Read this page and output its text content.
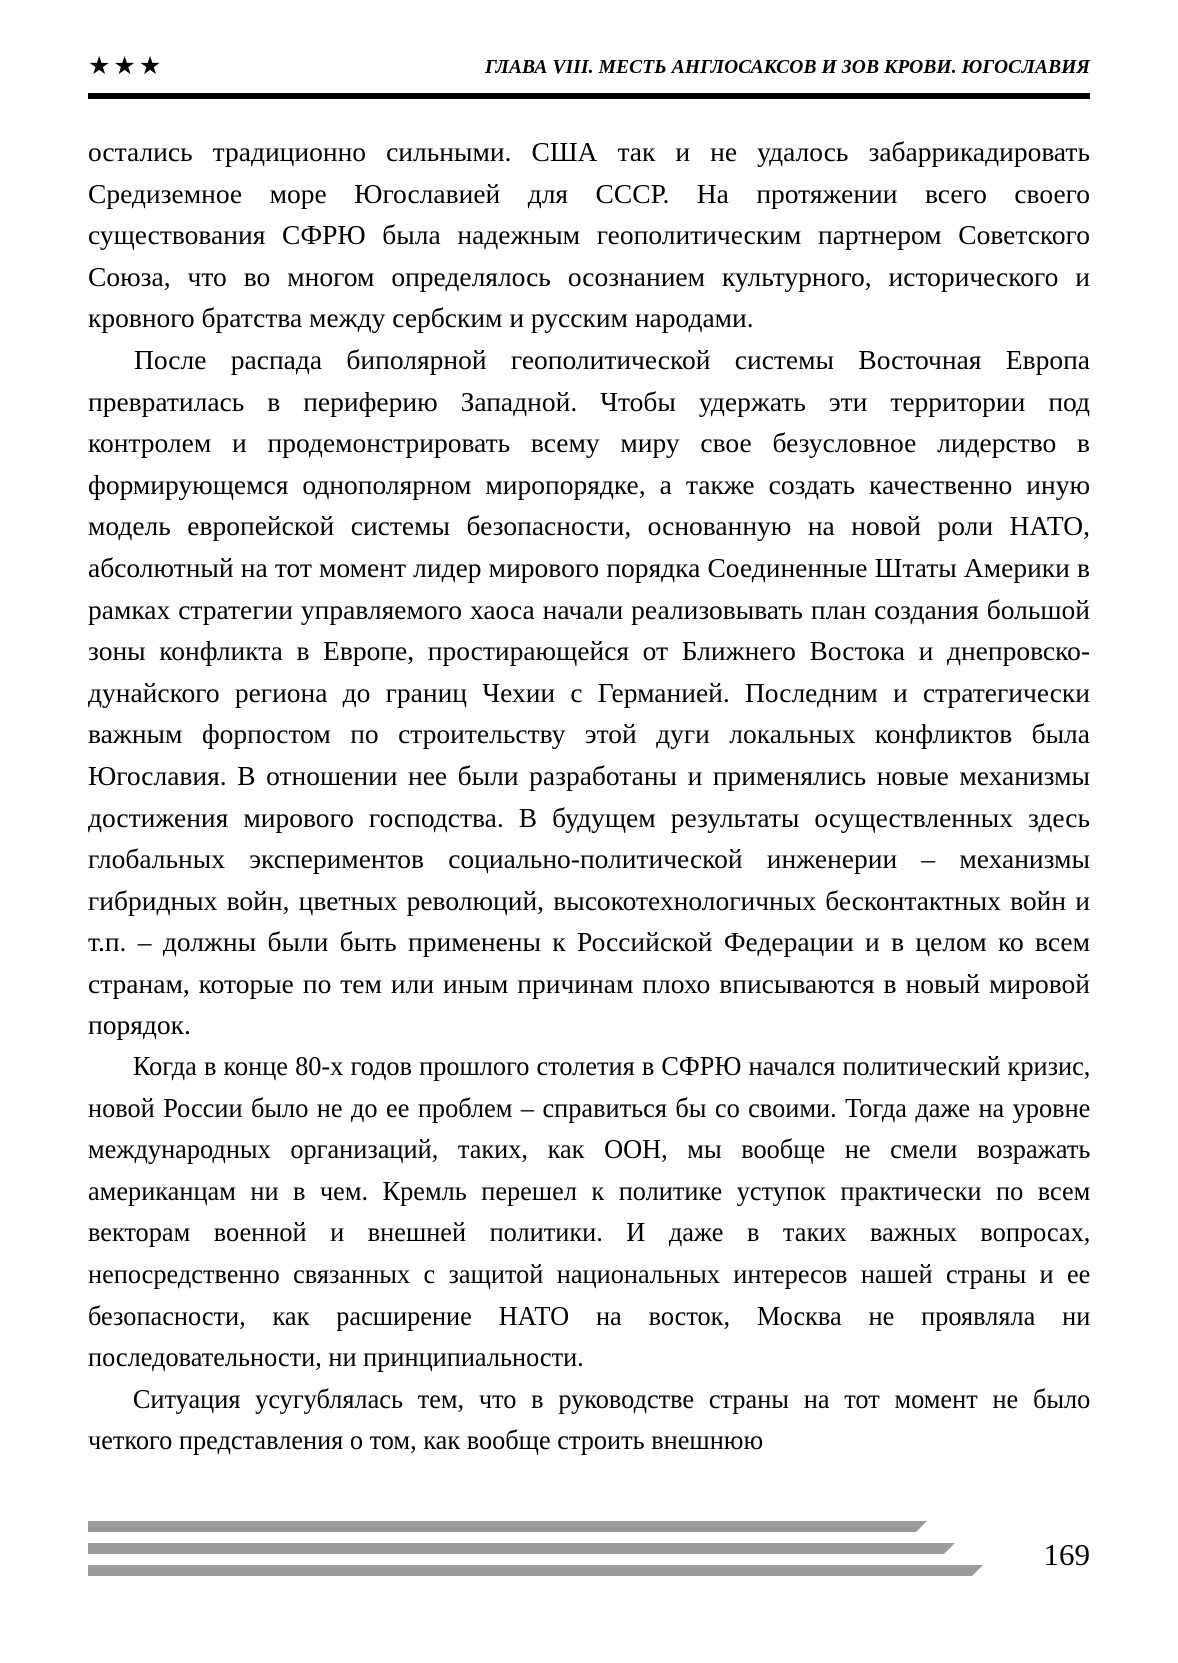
★★★	ГЛАВА VIII. МЕСТЬ АНГЛОСАКСОВ И ЗОВ КРОВИ. ЮГОСЛАВИЯ

остались традиционно сильными. США так и не удалось забаррикадировать Средиземное море Югославией для СССР. На протяжении всего своего существования СФРЮ была надежным геополитическим партнером Советского Союза, что во многом определялось осознанием культурного, исторического и кровного братства между сербским и русским народами.

После распада биполярной геополитической системы Восточная Европа превратилась в периферию Западной. Чтобы удержать эти территории под контролем и продемонстрировать всему миру свое безусловное лидерство в формирующемся однополярном миропорядке, а также создать качественно иную модель европейской системы безопасности, основанную на новой роли НАТО, абсолютный на тот момент лидер мирового порядка Соединенные Штаты Америки в рамках стратегии управляемого хаоса начали реализовывать план создания большой зоны конфликта в Европе, простирающейся от Ближнего Востока и днепровско-дунайского региона до границ Чехии с Германией. Последним и стратегически важным форпостом по строительству этой дуги локальных конфликтов была Югославия. В отношении нее были разработаны и применялись новые механизмы достижения мирового господства. В будущем результаты осуществленных здесь глобальных экспериментов социально-политической инженерии – механизмы гибридных войн, цветных революций, высокотехнологичных бесконтактных войн и т.п. – должны были быть применены к Российской Федерации и в целом ко всем странам, которые по тем или иным причинам плохо вписываются в новый мировой порядок.

Когда в конце 80-х годов прошлого столетия в СФРЮ начался политический кризис, новой России было не до ее проблем – справиться бы со своими. Тогда даже на уровне международных организаций, таких, как ООН, мы вообще не смели возражать американцам ни в чем. Кремль перешел к политике уступок практически по всем векторам военной и внешней политики. И даже в таких важных вопросах, непосредственно связанных с защитой национальных интересов нашей страны и ее безопасности, как расширение НАТО на восток, Москва не проявляла ни последовательности, ни принципиальности.

Ситуация усугублялась тем, что в руководстве страны на тот момент не было четкого представления о том, как вообще строить внешнюю

169
